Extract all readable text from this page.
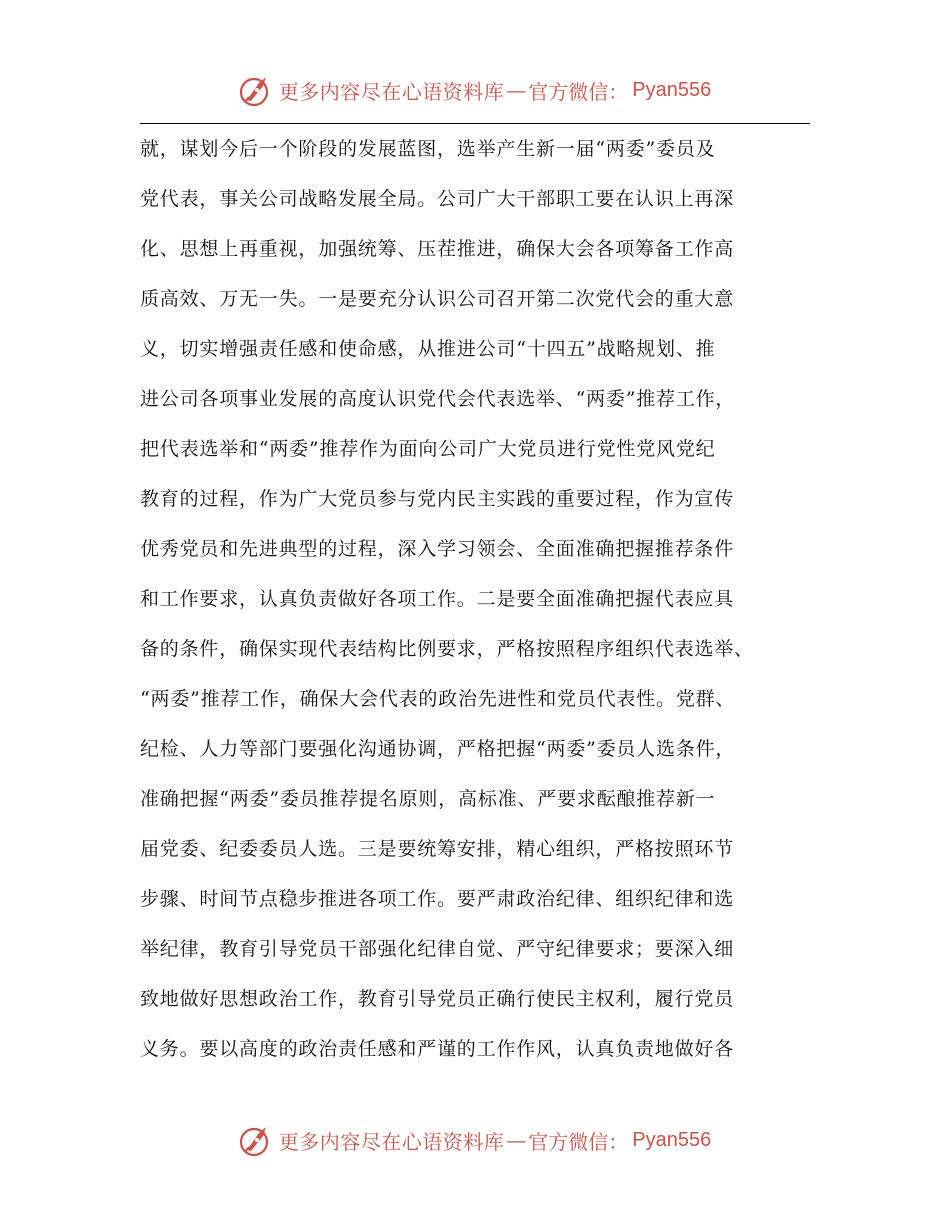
更多内容尽在心语资料库 — 官方微信： Pyan556
就，谋划今后一个阶段的发展蓝图，选举产生新一届“两委”委员及
党代表，事关公司战略发展全局。公司广大干部职工要在认识上再深
化、思想上再重视，加强统筹、压茬推进，确保大会各项筹备工作高
质高效、万无一失。一是要充分认识公司召开第二次党代会的重大意
义，切实增强责任感和使命感，从推进公司“十四五”战略规划、推
进公司各项事业发展的高度认识党代会代表选举、“两委”推荐工作，
把代表选举和“两委”推荐作为面向公司广大党员进行党性党风党纪
教育的过程，作为广大党员参与党内民主实践的重要过程，作为宣传
优秀党员和先进典型的过程，深入学习领会、全面准确把握推荐条件
和工作要求，认真负责做好各项工作。二是要全面准确把握代表应具
备的条件，确保实现代表结构比例要求，严格按照程序组织代表选举、
“两委”推荐工作，确保大会代表的政治先进性和党员代表性。党群、
纪检、人力等部门要强化沟通协调，严格把握“两委”委员人选条件，
准确把握“两委”委员推荐提名原则，高标准、严要求酝酿推荐新一
届党委、纪委委员人选。三是要统筹安排，精心组织，严格按照环节
步骤、时间节点稳步推进各项工作。要严肃政治纪律、组织纪律和选
举纪律，教育引导党员干部强化纪律自觉、严守纪律要求；要深入细
致地做好思想政治工作，教育引导党员正确行使民主权利，履行党员
义务。要以高度的政治责任感和严谨的工作作风，认真负责地做好各
更多内容尽在心语资料库 — 官方微信： Pyan556
